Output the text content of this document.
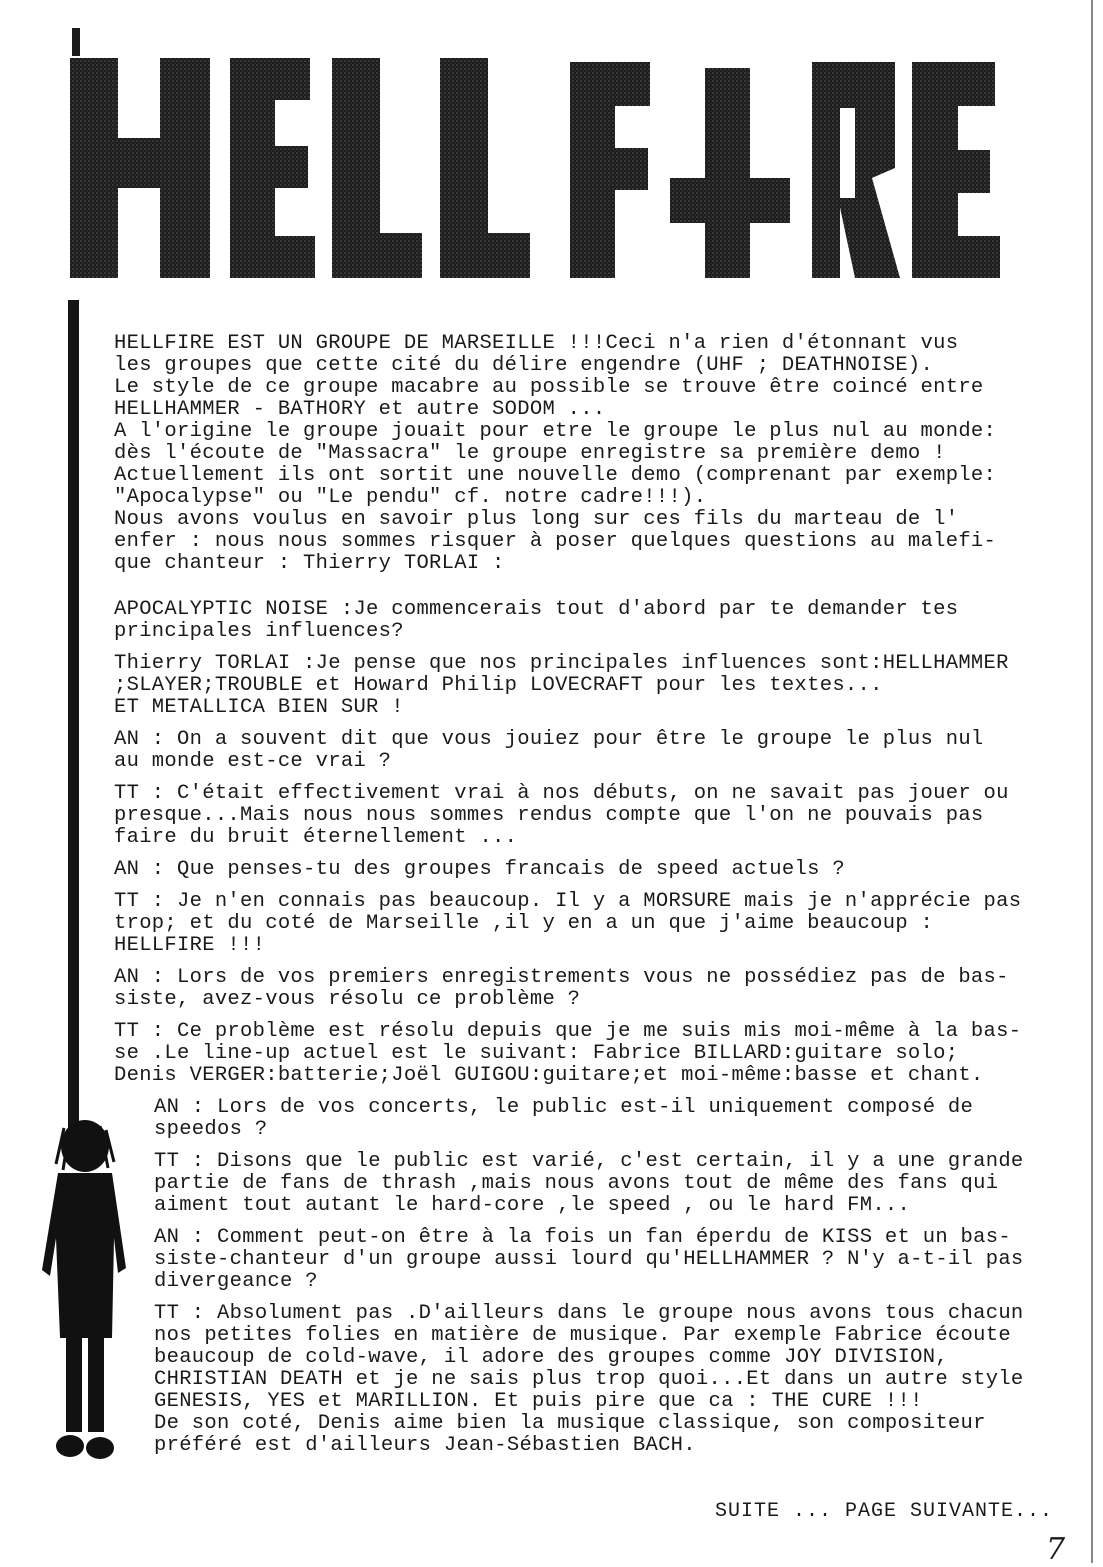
HELLFIRE EST UN GROUPE DE MARSEILLE !!!Ceci n'a rien d'étonnant vus
les groupes que cette cité du délire engendre (UHF ; DEATHNOISE).
Le style de ce groupe macabre au possible se trouve être coincé entre
HELLHAMMER - BATHORY et autre SODOM ...
A l'origine le groupe jouait pour etre le groupe le plus nul au monde:
dès l'écoute de "Massacra" le groupe enregistre sa première demo !
Actuellement ils ont sortit une nouvelle demo (comprenant par exemple:
"Apocalypse" ou "Le pendu" cf. notre cadre!!!).
Nous avons voulus en savoir plus long sur ces fils du marteau de l'
enfer : nous nous sommes risquer à poser quelques questions au malefi-
que chanteur : Thierry TORLAI :

APOCALYPTIC NOISE :Je commencerais tout d'abord par te demander tes
principales influences?

Thierry TORLAI :Je pense que nos principales influences sont:HELLHAMMER
;SLAYER;TROUBLE et Howard Philip LOVECRAFT pour les textes...
ET METALLICA BIEN SUR !

AN : On a souvent dit que vous jouiez pour être le groupe le plus nul
au monde est-ce vrai ?

TT : C'était effectivement vrai à nos débuts, on ne savait pas jouer ou
presque...Mais nous nous sommes rendus compte que l'on ne pouvais pas
faire du bruit éternellement ...

AN : Que penses-tu des groupes francais de speed actuels ?

TT : Je n'en connais pas beaucoup. Il y a MORSURE mais je n'apprécie pas
trop; et du coté de Marseille ,il y en a un que j'aime beaucoup :
HELLFIRE !!!

AN : Lors de vos premiers enregistrements vous ne possédiez pas de bas-
siste, avez-vous résolu ce problème ?

TT : Ce problème est résolu depuis que je me suis mis moi-même à la bas-
se .Le line-up actuel est le suivant: Fabrice BILLARD:guitare solo;
Denis VERGER:batterie;Joël GUIGOU:guitare;et moi-même:basse et chant.

AN : Lors de vos concerts, le public est-il uniquement composé de
speedos ?

TT : Disons que le public est varié, c'est certain, il y a une grande
partie de fans de thrash ,mais nous avons tout de même des fans qui
aiment tout autant le hard-core ,le speed , ou le hard FM...

AN : Comment peut-on être à la fois un fan éperdu de KISS et un bas-
siste-chanteur d'un groupe aussi lourd qu'HELLHAMMER ? N'y a-t-il pas
divergeance ?

TT : Absolument pas .D'ailleurs dans le groupe nous avons tous chacun
nos petites folies en matière de musique. Par exemple Fabrice écoute
beaucoup de cold-wave, il adore des groupes comme JOY DIVISION,
CHRISTIAN DEATH et je ne sais plus trop quoi...Et dans un autre style
GENESIS, YES et MARILLION. Et puis pire que ca : THE CURE !!!
De son coté, Denis aime bien la musique classique, son compositeur
préféré est d'ailleurs Jean-Sébastien BACH.

SUITE ... PAGE SUIVANTE...
7
